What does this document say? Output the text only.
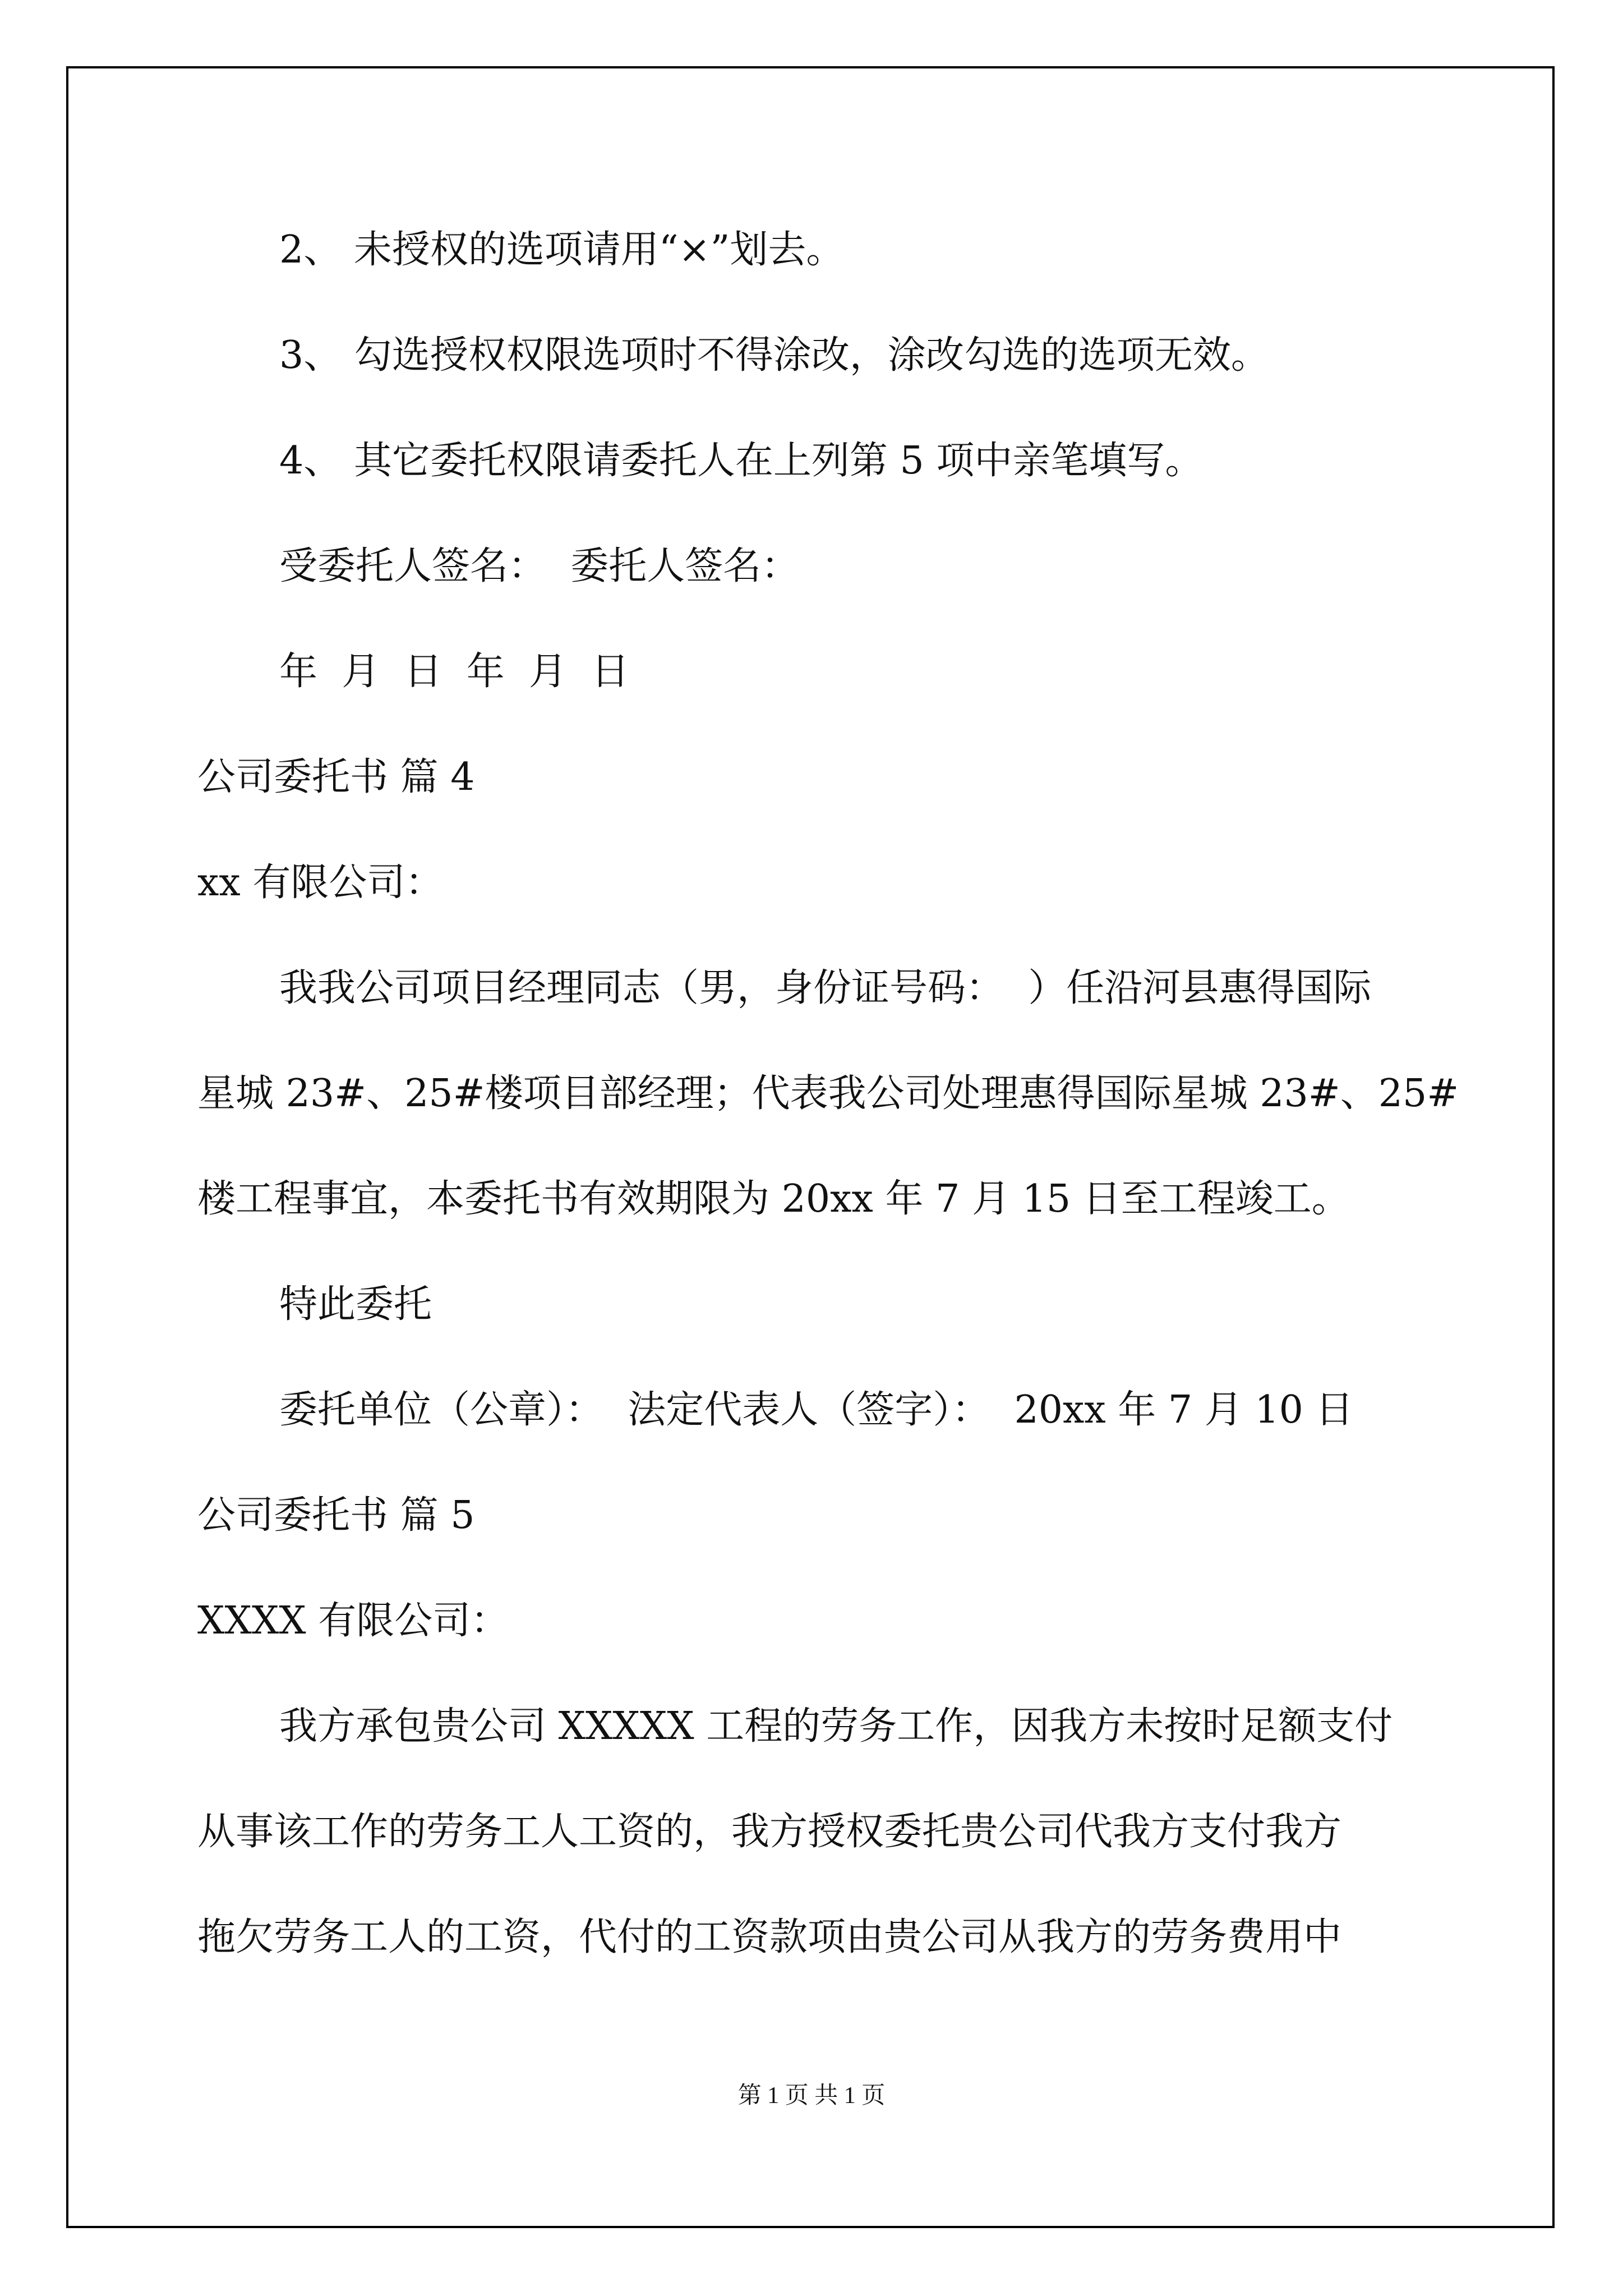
2、 未授权的选项请用“×”划去。
3、 勾选授权权限选项时不得涂改，涂改勾选的选项无效。
4、 其它委托权限请委托人在上列第 5 项中亲笔填写。
受委托人签名：  委托人签名：
年  月  日  年  月  日
公司委托书 篇 4
xx 有限公司：
我我公司项目经理同志（男，身份证号码：  ）任沿河县惠得国际
星城 23#、25#楼项目部经理；代表我公司处理惠得国际星城 23#、25#
楼工程事宜，本委托书有效期限为 20xx 年 7 月 15 日至工程竣工。
特此委托
委托单位（公章）：  法定代表人（签字）：  20xx 年 7 月 10 日
公司委托书 篇 5
XXXX 有限公司：
我方承包贵公司 XXXXX 工程的劳务工作，因我方未按时足额支付
从事该工作的劳务工人工资的，我方授权委托贵公司代我方支付我方
拖欠劳务工人的工资，代付的工资款项由贵公司从我方的劳务费用中
第 1 页 共 1 页
